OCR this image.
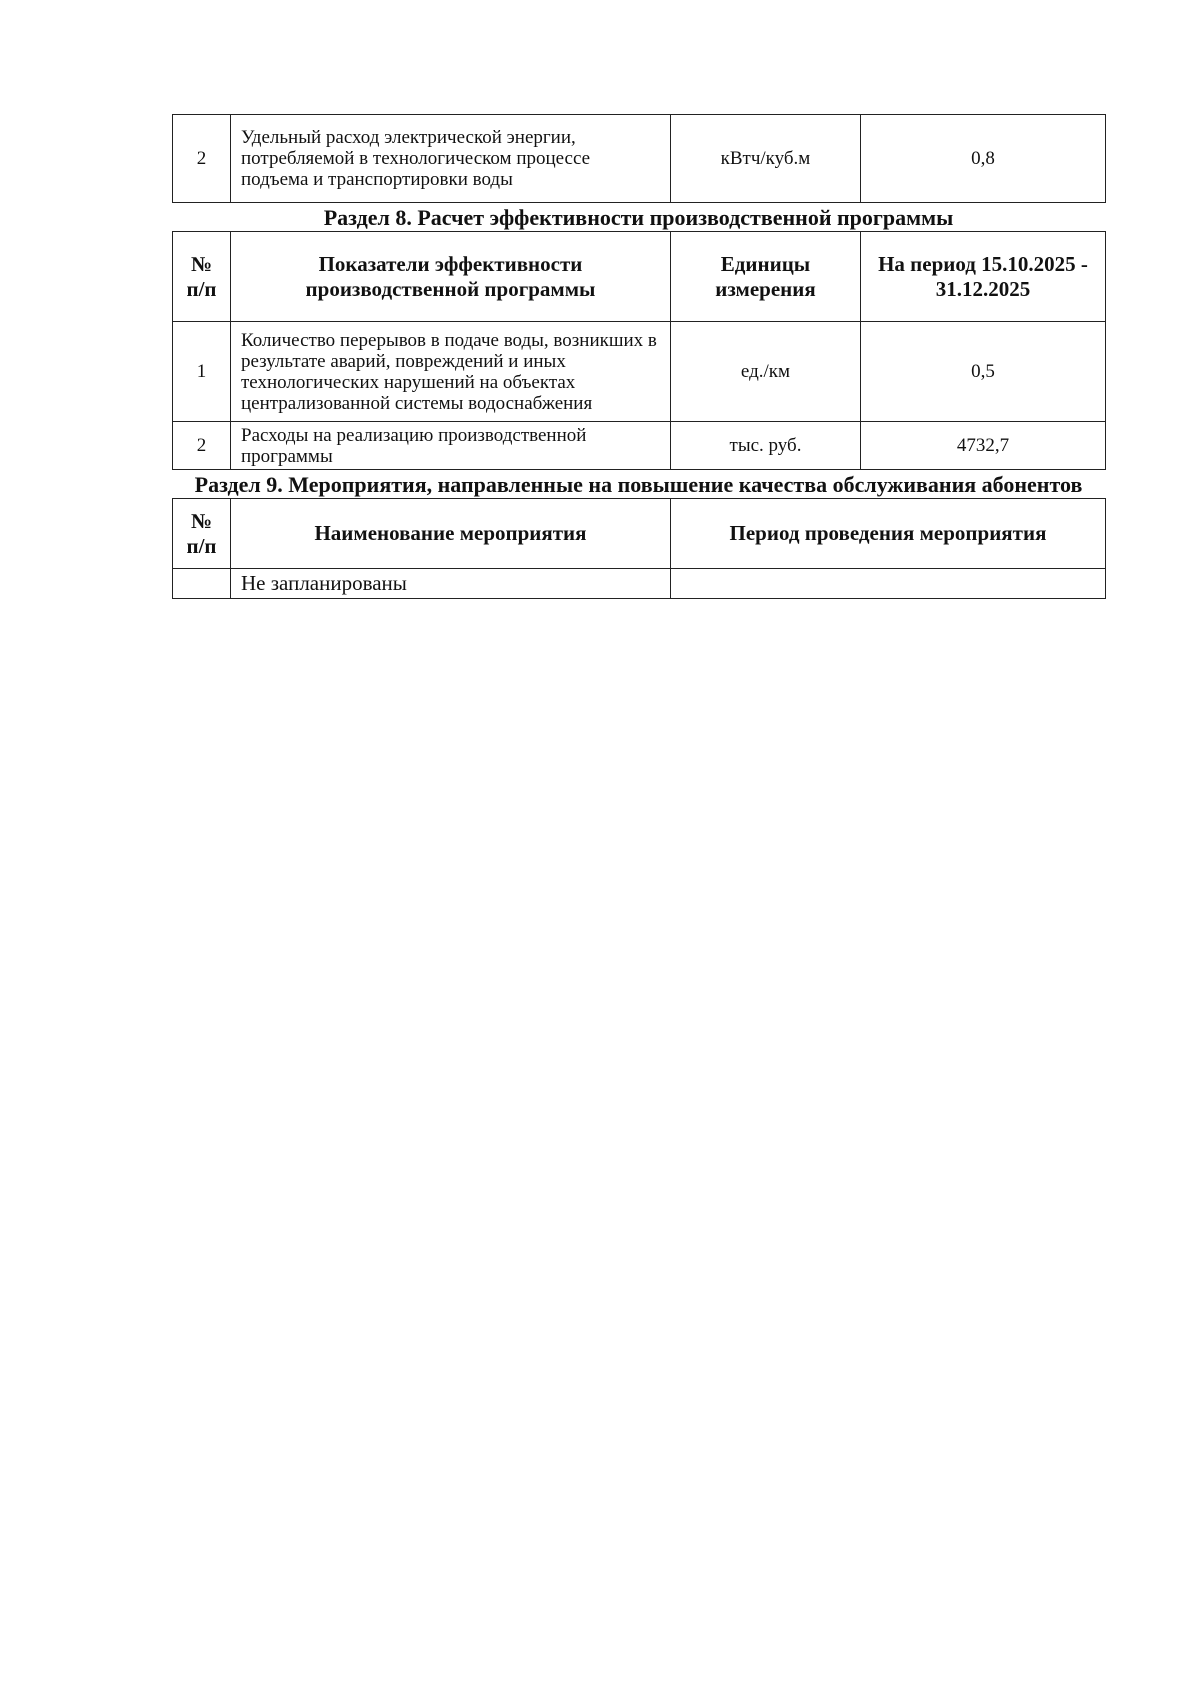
2	Удельный расход электрической энергии, потребляемой в технологическом процессе подъема и транспортировки воды	кВтч/куб.м	0,8
Раздел 8. Расчет эффективности производственной программы
№ п/п	Показатели эффективности производственной программы	Единицы измерения	На период 15.10.2025 - 31.12.2025
1	Количество перерывов в подаче воды, возникших в результате аварий, повреждений и иных технологических нарушений на объектах централизованной системы водоснабжения	ед./км	0,5
2	Расходы на реализацию производственной программы	тыс. руб.	4732,7
Раздел 9. Мероприятия, направленные на повышение качества обслуживания абонентов
№ п/п	Наименование мероприятия	Период проведения мероприятия
	Не запланированы	
